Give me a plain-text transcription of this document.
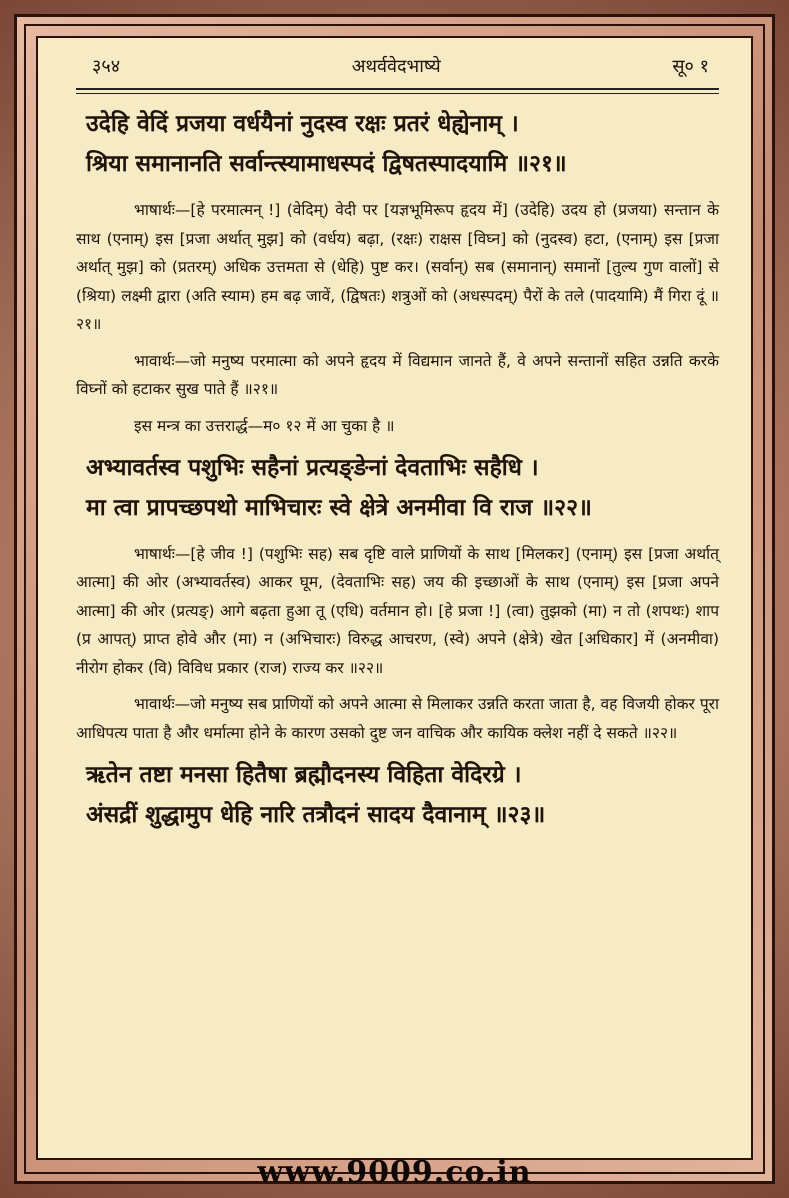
३५४	अथर्ववेदभाष्ये	सू० १

उदेहि वेदिं प्रजया वर्धयैनां नुदस्व रक्षः प्रतरं धेह्येनाम् ।

श्रिया समानानति सर्वान्त्स्यामाधस्पदं द्विषतस्पादयामि ॥२१॥

भाषार्थः—[हे परमात्मन् !] (वेदिम्) वेदी पर [यज्ञभूमिरूप हृदय में] (उदेहि) उदय हो (प्रजया) सन्तान के साथ (एनाम्) इस [प्रजा अर्थात् मुझ] को (वर्धय) बढ़ा, (रक्षः) राक्षस [विघ्न] को (नुदस्व) हटा, (एनाम्) इस [प्रजा अर्थात् मुझ] को (प्रतरम्) अधिक उत्तमता से (धेहि) पुष्ट कर। (सर्वान्) सब (समानान्) समानों [तुल्य गुण वालों] से (श्रिया) लक्ष्मी द्वारा (अति स्याम) हम बढ़ जावें, (द्विषतः) शत्रुओं को (अधस्पदम्) पैरों के तले (पादयामि) मैं गिरा दूं ॥२१॥

भावार्थः—जो मनुष्य परमात्मा को अपने हृदय में विद्यमान जानते हैं, वे अपने सन्तानों सहित उन्नति करके विघ्नों को हटाकर सुख पाते हैं ॥२१॥

इस मन्त्र का उत्तरार्द्ध—म० १२ में आ चुका है ॥

अभ्यावर्तस्व पशुभिः सहैनां प्रत्यङ्ङेनां देवताभिः सहैधि ।

मा त्वा प्रापच्छपथो माभिचारः स्वे क्षेत्रे अनमीवा वि राज ॥२२॥

भाषार्थः—[हे जीव !] (पशुभिः सह) सब दृष्टि वाले प्राणियों के साथ [मिलकर] (एनाम्) इस [प्रजा अर्थात् आत्मा] की ओर (अभ्यावर्तस्व) आकर घूम, (देवताभिः सह) जय की इच्छाओं के साथ (एनाम्) इस [प्रजा अपने आत्मा] की ओर (प्रत्यङ्) आगे बढ़ता हुआ तू (एधि) वर्तमान हो। [हे प्रजा !] (त्वा) तुझको (मा) न तो (शपथः) शाप (प्र आपत्) प्राप्त होवे और (मा) न (अभिचारः) विरुद्ध आचरण, (स्वे) अपने (क्षेत्रे) खेत [अधिकार] में (अनमीवा) नीरोग होकर (वि) विविध प्रकार (राज) राज्य कर ॥२२॥

भावार्थः—जो मनुष्य सब प्राणियों को अपने आत्मा से मिलाकर उन्नति करता जाता है, वह विजयी होकर पूरा आधिपत्य पाता है और धर्मात्मा होने के कारण उसको दुष्ट जन वाचिक और कायिक क्लेश नहीं दे सकते ॥२२॥

ऋतेन तष्टा मनसा हितैषा ब्रह्मौदनस्य विहिता वेदिरग्रे ।

अंसद्रीं शुद्धामुप धेहि नारि तत्रौदनं सादय दैवानाम् ॥२३॥

www.9009.co.in
